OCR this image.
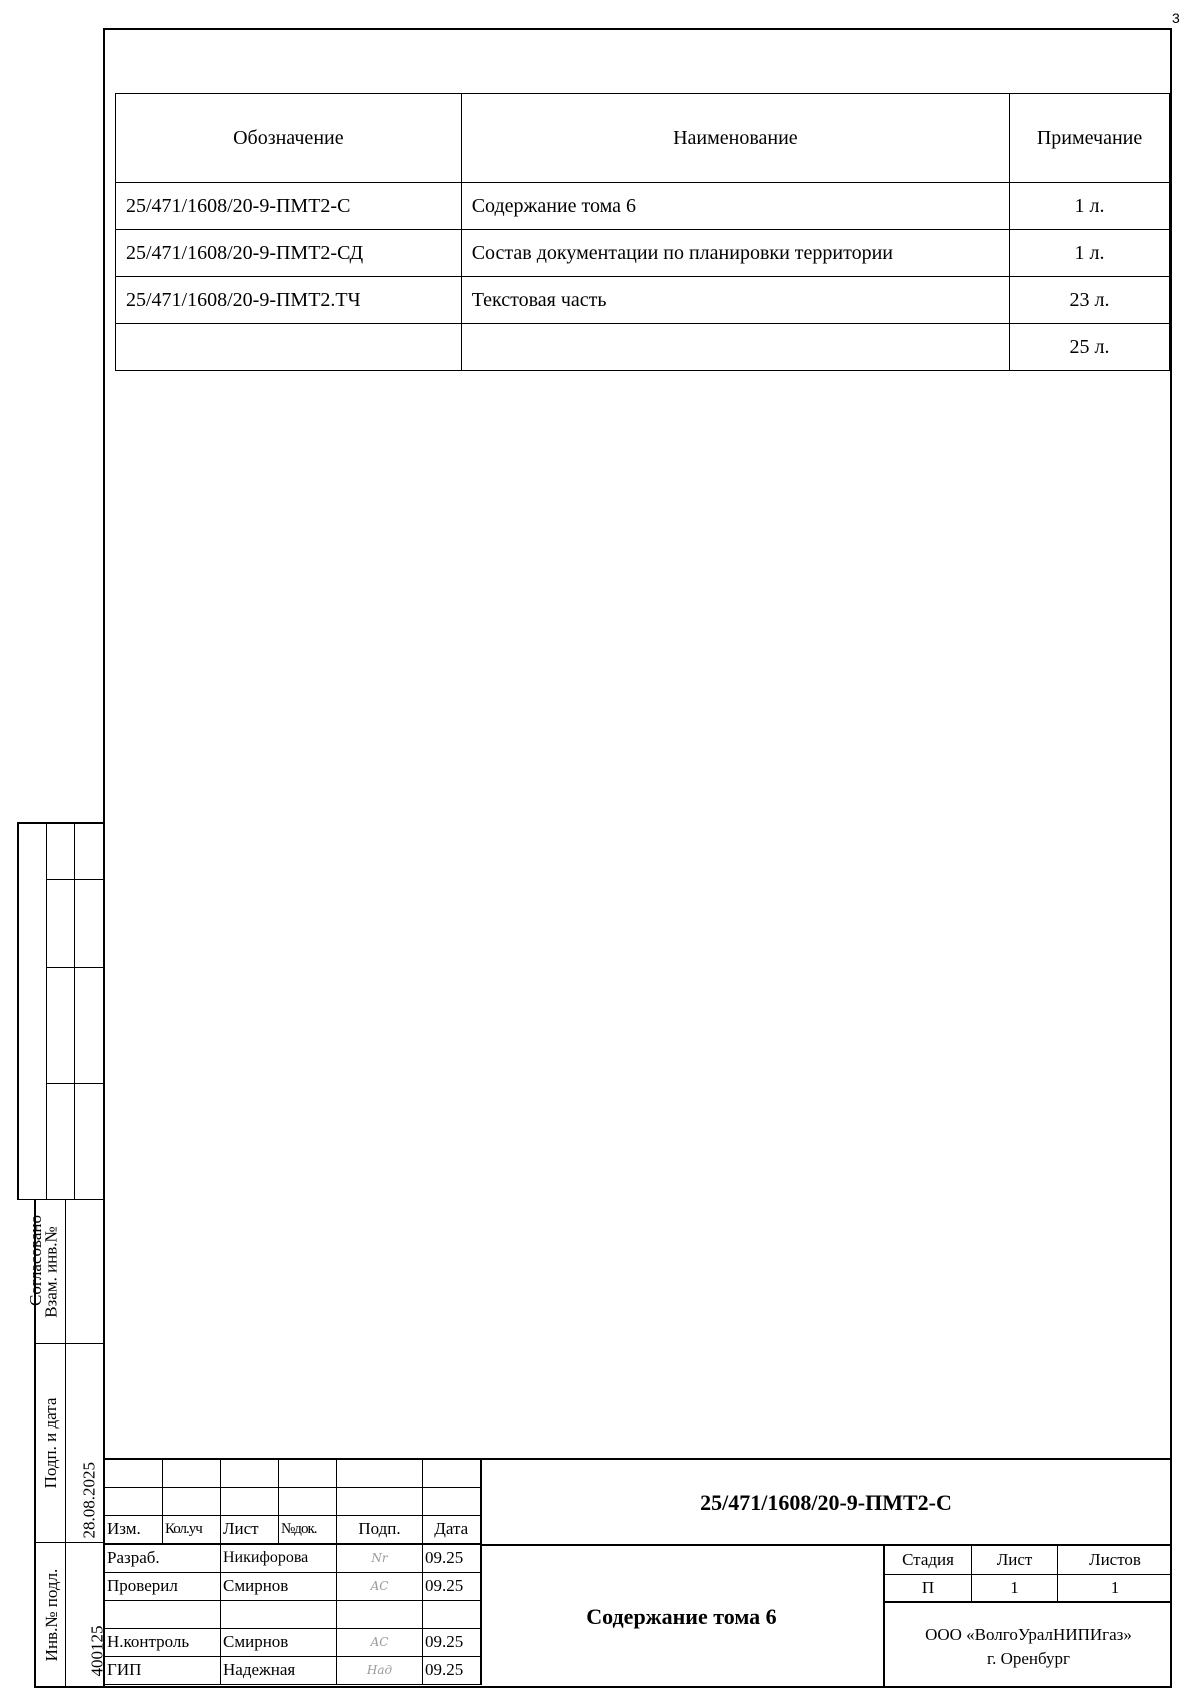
3
Обозначение	Наименование	Примечание
25/471/1608/20-9-ПМТ2-С	Содержание тома 6	1 л.
25/471/1608/20-9-ПМТ2-СД	Состав документации по планировки территории	1 л.
25/471/1608/20-9-ПМТ2.ТЧ	Текстовая часть	23 л.
		25 л.
Согласовано
Взам. инв.№
Подп. и дата
28.08.2025
Инв.№ подл.	400125

Изм.	Кол.уч	Лист	№док.	Подп.	Дата
Разраб.		Никифорова		Nr	09.25
Проверил		Смирнов		AC	09.25

Н.контроль		Смирнов		AC	09.25
ГИП		Надежная		Над	09.25
25/471/1608/20-9-ПМТ2-С
Содержание тома 6
Стадия	Лист	Листов
П	1	1
ООО «ВолгоУралНИПИгаз»
г. Оренбург
